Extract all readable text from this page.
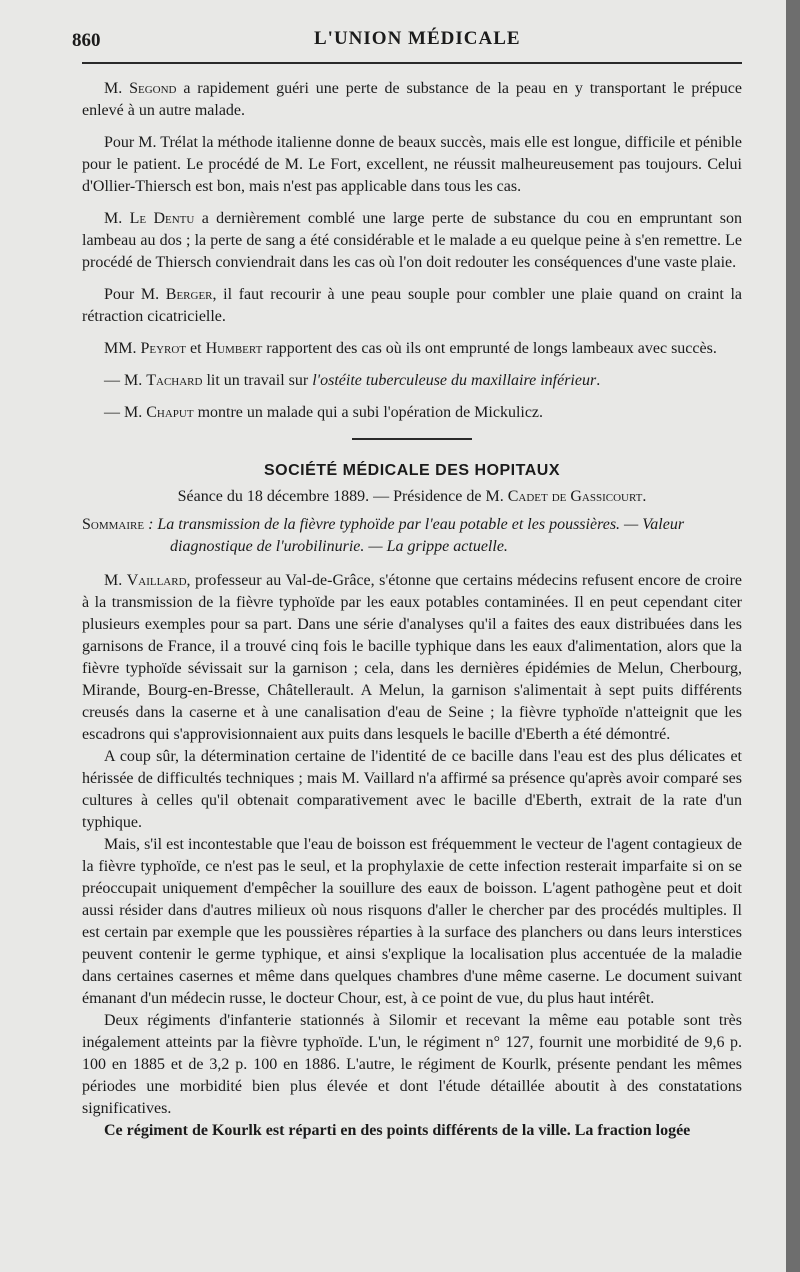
860	L'UNION MÉDICALE

M. Segond a rapidement guéri une perte de substance de la peau en y transportant le prépuce enlevé à un autre malade.

Pour M. Trélat la méthode italienne donne de beaux succès, mais elle est longue, difficile et pénible pour le patient. Le procédé de M. Le Fort, excellent, ne réussit malheureusement pas toujours. Celui d'Ollier-Thiersch est bon, mais n'est pas applicable dans tous les cas.

M. Le Dentu a dernièrement comblé une large perte de substance du cou en empruntant son lambeau au dos ; la perte de sang a été considérable et le malade a eu quelque peine à s'en remettre. Le procédé de Thiersch conviendrait dans les cas où l'on doit redouter les conséquences d'une vaste plaie.

Pour M. Berger, il faut recourir à une peau souple pour combler une plaie quand on craint la rétraction cicatricielle.

MM. Peyrot et Humbert rapportent des cas où ils ont emprunté de longs lambeaux avec succès.

— M. Tachard lit un travail sur l'ostéite tuberculeuse du maxillaire inférieur.

— M. Chaput montre un malade qui a subi l'opération de Mickulicz.

SOCIÉTÉ MÉDICALE DES HOPITAUX
Séance du 18 décembre 1889. — Présidence de M. Cadet de Gassicourt.
Sommaire : La transmission de la fièvre typhoïde par l'eau potable et les poussières. — Valeur diagnostique de l'urobilinurie. — La grippe actuelle.

M. Vaillard, professeur au Val-de-Grâce, s'étonne que certains médecins refusent encore de croire à la transmission de la fièvre typhoïde par les eaux potables contaminées. Il en peut cependant citer plusieurs exemples pour sa part. Dans une série d'analyses qu'il a faites des eaux distribuées dans les garnisons de France, il a trouvé cinq fois le bacille typhique dans les eaux d'alimentation, alors que la fièvre typhoïde sévissait sur la garnison ; cela, dans les dernières épidémies de Melun, Cherbourg, Mirande, Bourg-en-Bresse, Châtellerault. A Melun, la garnison s'alimentait à sept puits différents creusés dans la caserne et à une canalisation d'eau de Seine ; la fièvre typhoïde n'atteignit que les escadrons qui s'approvisionnaient aux puits dans lesquels le bacille d'Eberth a été démontré.

A coup sûr, la détermination certaine de l'identité de ce bacille dans l'eau est des plus délicates et hérissée de difficultés techniques ; mais M. Vaillard n'a affirmé sa présence qu'après avoir comparé ses cultures à celles qu'il obtenait comparativement avec le bacille d'Eberth, extrait de la rate d'un typhique.

Mais, s'il est incontestable que l'eau de boisson est fréquemment le vecteur de l'agent contagieux de la fièvre typhoïde, ce n'est pas le seul, et la prophylaxie de cette infection resterait imparfaite si on se préoccupait uniquement d'empêcher la souillure des eaux de boisson. L'agent pathogène peut et doit aussi résider dans d'autres milieux où nous risquons d'aller le chercher par des procédés multiples. Il est certain par exemple que les poussières réparties à la surface des planchers ou dans leurs interstices peuvent contenir le germe typhique, et ainsi s'explique la localisation plus accentuée de la maladie dans certaines casernes et même dans quelques chambres d'une même caserne. Le document suivant émanant d'un médecin russe, le docteur Chour, est, à ce point de vue, du plus haut intérêt.

Deux régiments d'infanterie stationnés à Silomir et recevant la même eau potable sont très inégalement atteints par la fièvre typhoïde. L'un, le régiment n° 127, fournit une morbidité de 9,6 p. 100 en 1885 et de 3,2 p. 100 en 1886. L'autre, le régiment de Kourlk, présente pendant les mêmes périodes une morbidité bien plus élevée et dont l'étude détaillée aboutit à des constatations significatives.

Ce régiment de Kourlk est réparti en des points différents de la ville. La fraction logée
